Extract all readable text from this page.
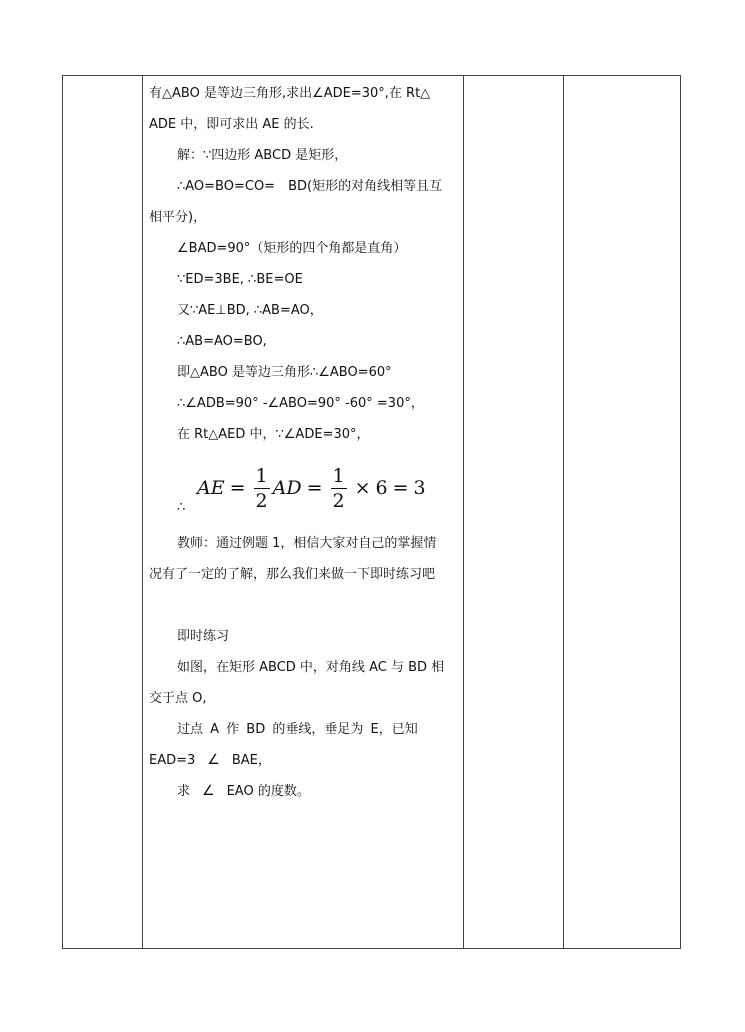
有△ABO 是等边三角形,求出∠ADE=30°,在 Rt△
ADE 中，即可求出 AE 的长.
解：∵四边形 ABCD 是矩形，
∴AO=BO=CO=　BD(矩形的对角线相等且互
相平分)，
∠BAD=90°（矩形的四个角都是直角）
∵ED=3BE, ∴BE=OE
又∵AE⊥BD, ∴AB=AO，
∴AB=AO=BO,
即△ABO 是等边三角形∴∠ABO=60°
∴∠ADB=90° -∠ABO=90° -60° =30°，
在 Rt△AED 中，∵∠ADE=30°，
∴
AE = $\frac{1}{2}$ AD = $\frac{1}{2} \times 6 = 3$
教师：通过例题 1，相信大家对自己的掌握情
况有了一定的了解，那么我们来做一下即时练习吧
即时练习
如图，在矩形 ABCD 中，对角线 AC 与 BD 相
交于点 O,
过点 A 作 BD 的垂线，垂足为 E，已知
EAD=3 ∠ BAE，
求 ∠ EAO 的度数。
